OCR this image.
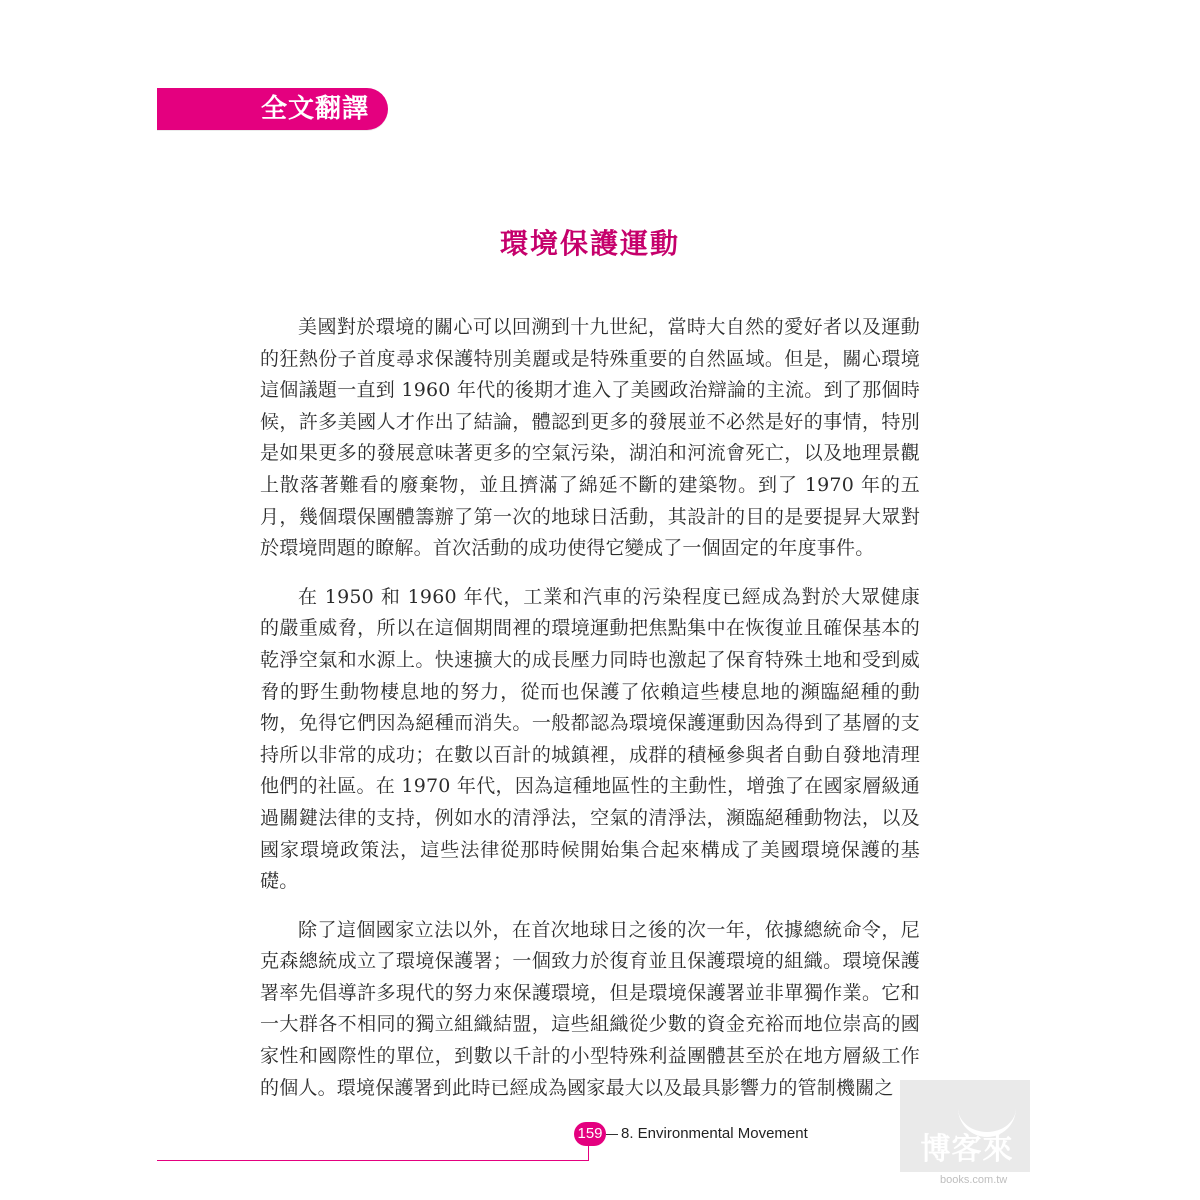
全文翻譯
環境保護運動

美國對於環境的關心可以回溯到十九世紀，當時大自然的愛好者以及運動的狂熱份子首度尋求保護特別美麗或是特殊重要的自然區域。但是，關心環境這個議題一直到 1960 年代的後期才進入了美國政治辯論的主流。到了那個時候，許多美國人才作出了結論，體認到更多的發展並不必然是好的事情，特別是如果更多的發展意味著更多的空氣污染，湖泊和河流會死亡，以及地理景觀上散落著難看的廢棄物，並且擠滿了綿延不斷的建築物。到了 1970 年的五月，幾個環保團體籌辦了第一次的地球日活動，其設計的目的是要提昇大眾對於環境問題的瞭解。首次活動的成功使得它變成了一個固定的年度事件。

在 1950 和 1960 年代，工業和汽車的污染程度已經成為對於大眾健康的嚴重威脅，所以在這個期間裡的環境運動把焦點集中在恢復並且確保基本的乾淨空氣和水源上。快速擴大的成長壓力同時也激起了保育特殊土地和受到威脅的野生動物棲息地的努力，從而也保護了依賴這些棲息地的瀕臨絕種的動物，免得它們因為絕種而消失。一般都認為環境保護運動因為得到了基層的支持所以非常的成功；在數以百計的城鎮裡，成群的積極參與者自動自發地清理他們的社區。在 1970 年代，因為這種地區性的主動性，增強了在國家層級通過關鍵法律的支持，例如水的清淨法，空氣的清淨法，瀕臨絕種動物法，以及國家環境政策法，這些法律從那時候開始集合起來構成了美國環境保護的基礎。

除了這個國家立法以外，在首次地球日之後的次一年，依據總統命令，尼克森總統成立了環境保護署；一個致力於復育並且保護環境的組織。環境保護署率先倡導許多現代的努力來保護環境，但是環境保護署並非單獨作業。它和一大群各不相同的獨立組織結盟，這些組織從少數的資金充裕而地位崇高的國家性和國際性的單位，到數以千計的小型特殊利益團體甚至於在地方層級工作的個人。環境保護署到此時已經成為國家最大以及最具影響力的管制機關之

159 8. Environmental Movement	博客來
books.com.tw
